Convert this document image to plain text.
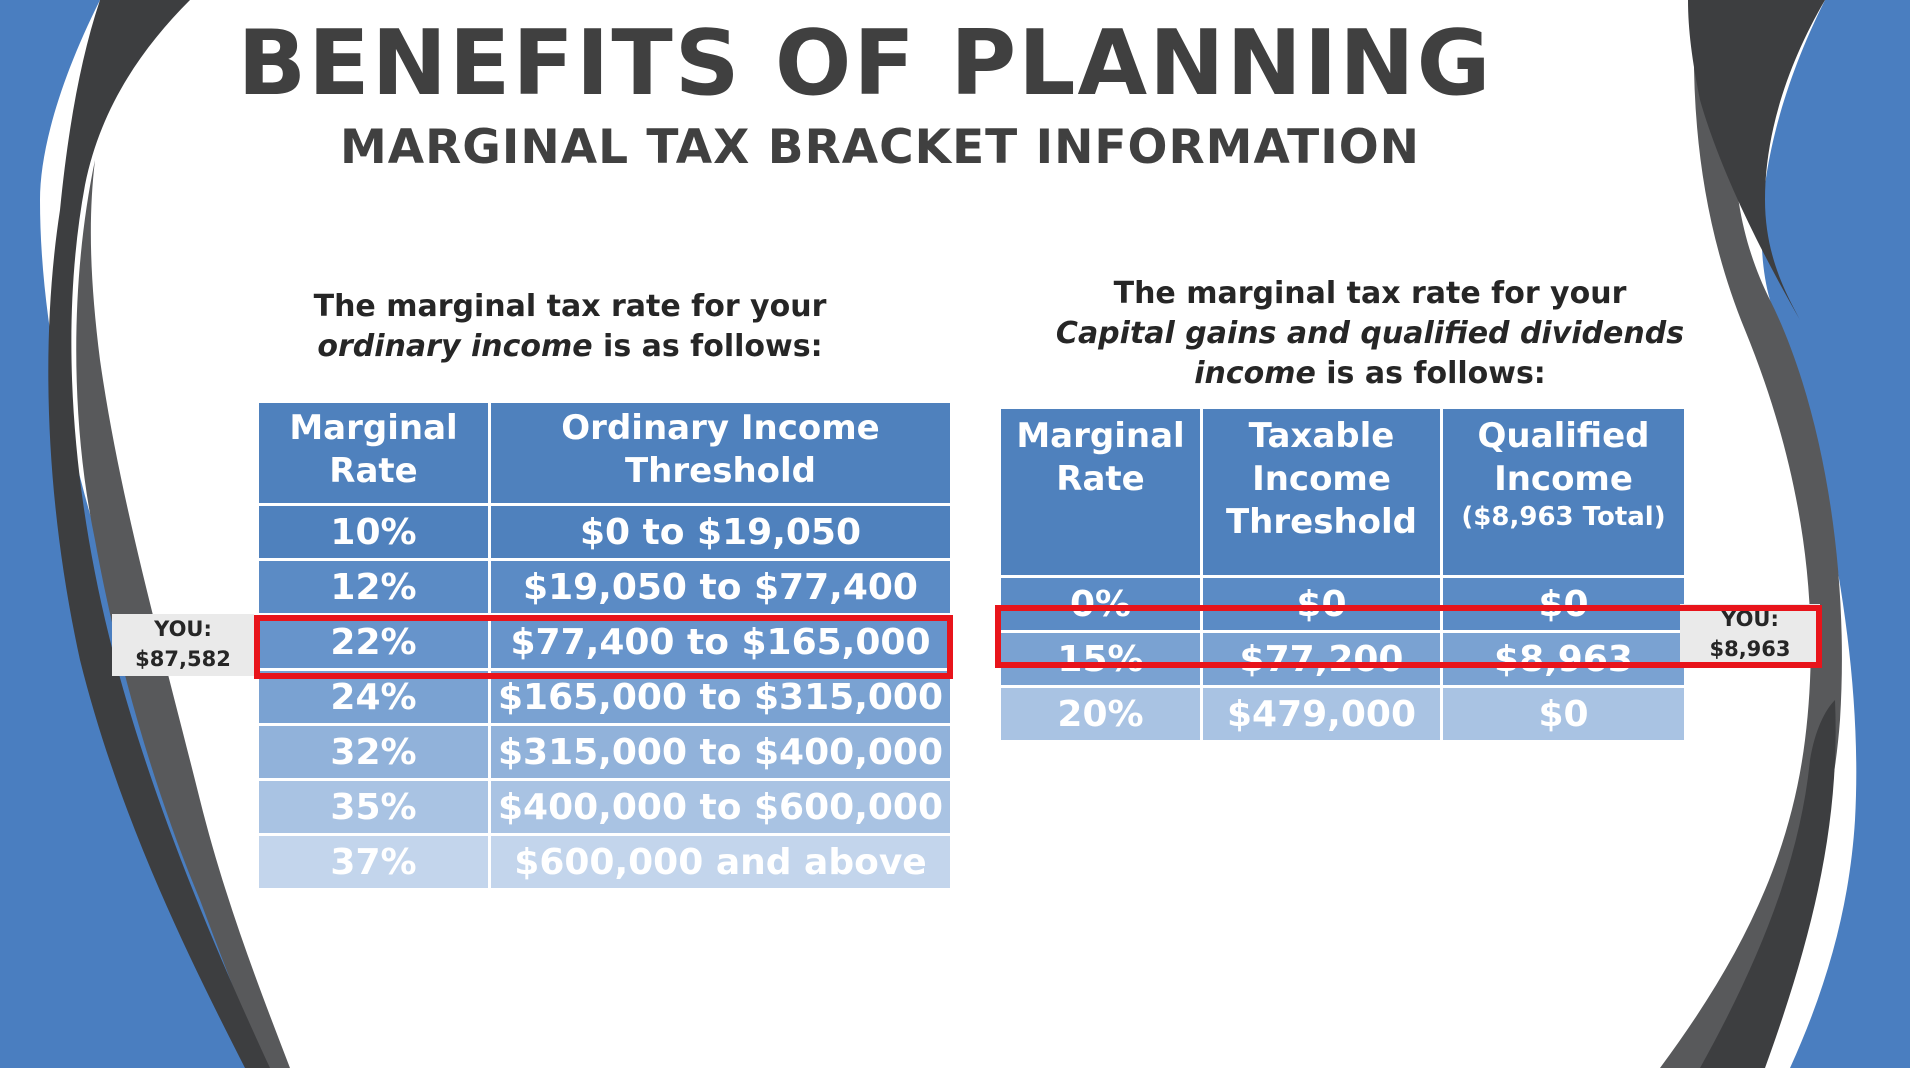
BENEFITS OF PLANNING
MARGINAL TAX BRACKET INFORMATION
The marginal tax rate for your
ordinary income is as follows:
The marginal tax rate for your
Capital gains and qualified dividends
income is as follows:
Marginal Rate	Ordinary Income Threshold
10%	$0 to $19,050
12%	$19,050 to $77,400
22%	$77,400 to $165,000
24%	$165,000 to $315,000
32%	$315,000 to $400,000
35%	$400,000 to $600,000
37%	$600,000 and above
Marginal Rate	Taxable Income Threshold	Qualified Income
($8,963 Total)

0%	$0	$0
15%	$77,200	$8,963
20%	$479,000	$0
YOU:
$87,582
YOU:
$8,963
